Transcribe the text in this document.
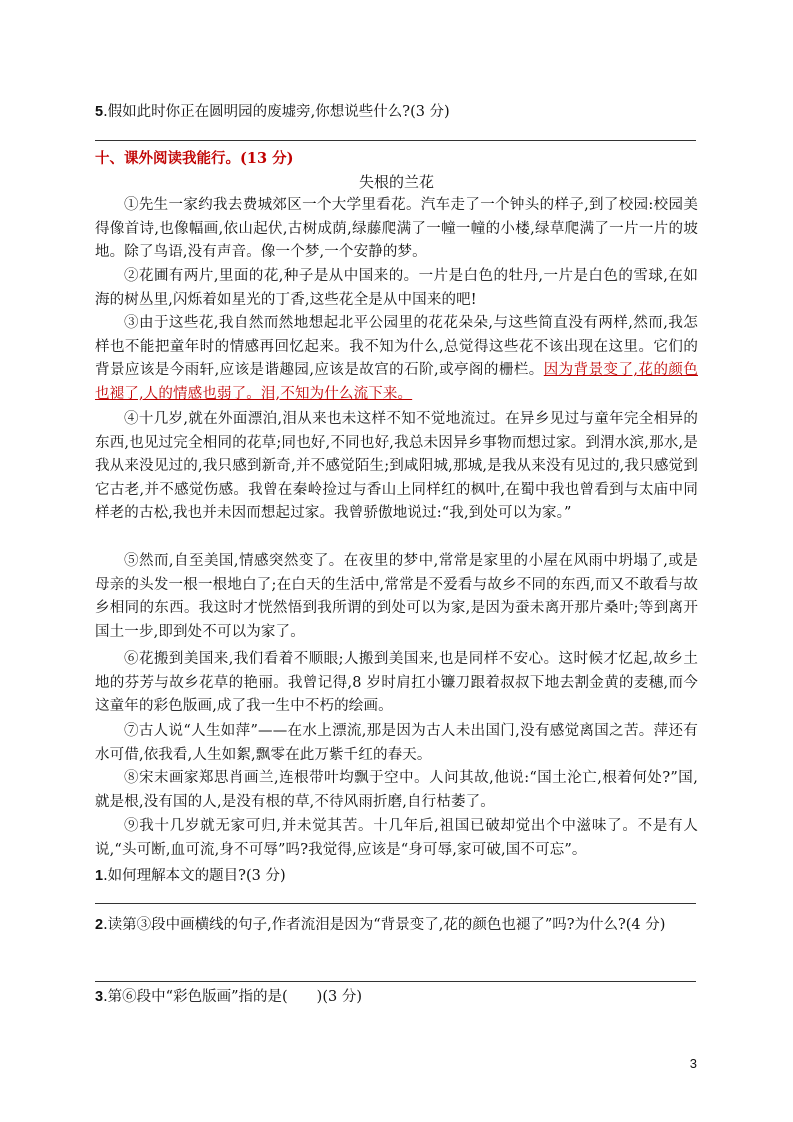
5.假如此时你正在圆明园的废墟旁,你想说些什么?(3 分)
十、课外阅读我能行。(13 分)
失根的兰花
①先生一家约我去费城郊区一个大学里看花。汽车走了一个钟头的样子,到了校园:校园美得像首诗,也像幅画,依山起伏,古树成荫,绿藤爬满了一幢一幢的小楼,绿草爬满了一片一片的坡地。除了鸟语,没有声音。像一个梦,一个安静的梦。
②花圃有两片,里面的花,种子是从中国来的。一片是白色的牡丹,一片是白色的雪球,在如海的树丛里,闪烁着如星光的丁香,这些花全是从中国来的吧!
③由于这些花,我自然而然地想起北平公园里的花花朵朵,与这些简直没有两样,然而,我怎样也不能把童年时的情感再回忆起来。我不知为什么,总觉得这些花不该出现在这里。它们的背景应该是今雨轩,应该是谐趣园,应该是故宫的石阶,或亭阁的栅栏。因为背景变了,花的颜色也褪了,人的情感也弱了。泪,不知为什么流下来。
④十几岁,就在外面漂泊,泪从来也未这样不知不觉地流过。在异乡见过与童年完全相异的东西,也见过完全相同的花草;同也好,不同也好,我总未因异乡事物而想过家。到渭水滨,那水,是我从来没见过的,我只感到新奇,并不感觉陌生;到咸阳城,那城,是我从来没有见过的,我只感觉到它古老,并不感觉伤感。我曾在秦岭捡过与香山上同样红的枫叶,在蜀中我也曾看到与太庙中同样老的古松,我也并未因而想起过家。我曾骄傲地说过:“我,到处可以为家。”
⑤然而,自至美国,情感突然变了。在夜里的梦中,常常是家里的小屋在风雨中坍塌了,或是母亲的头发一根一根地白了;在白天的生活中,常常是不爱看与故乡不同的东西,而又不敢看与故乡相同的东西。我这时才恍然悟到我所谓的到处可以为家,是因为蚕未离开那片桑叶;等到离开国土一步,即到处不可以为家了。
⑥花搬到美国来,我们看着不顺眼;人搬到美国来,也是同样不安心。这时候才忆起,故乡土地的芬芳与故乡花草的艳丽。我曾记得,8 岁时肩扛小镰刀跟着叔叔下地去割金黄的麦穗,而今这童年的彩色版画,成了我一生中不朽的绘画。
⑦古人说“人生如萍”——在水上漂流,那是因为古人未出国门,没有感觉离国之苦。萍还有水可借,依我看,人生如絮,飘零在此万紫千红的春天。
⑧宋末画家郑思肖画兰,连根带叶均飘于空中。人问其故,他说:“国土沦亡,根着何处?”国,就是根,没有国的人,是没有根的草,不待风雨折磨,自行枯萎了。
⑨我十几岁就无家可归,并未觉其苦。十几年后,祖国已破却觉出个中滋味了。不是有人说,“头可断,血可流,身不可辱”吗?我觉得,应该是“身可辱,家可破,国不可忘”。
1.如何理解本文的题目?(3 分)
2.读第③段中画横线的句子,作者流泪是因为“背景变了,花的颜色也褪了”吗?为什么?(4 分)
3.第⑥段中“彩色版画”指的是(　　)(3 分)
3
